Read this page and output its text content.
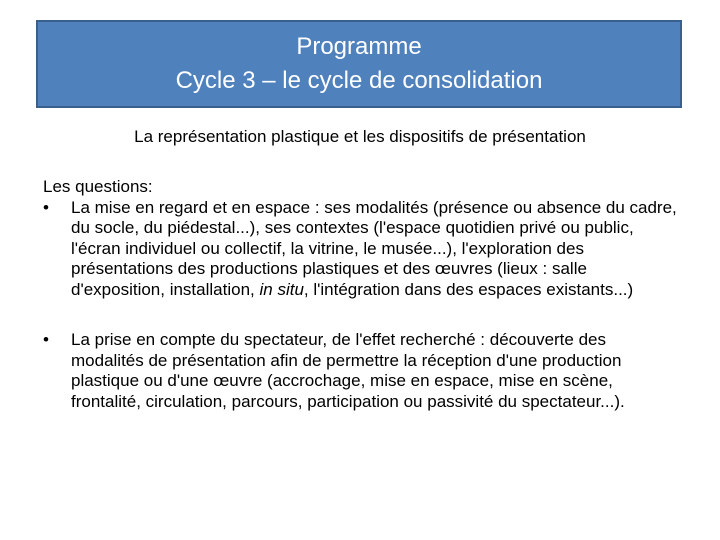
Programme
Cycle 3 – le cycle de consolidation
La représentation plastique et les dispositifs de présentation

Les questions:

•	La mise en regard et en espace : ses modalités (présence ou absence du cadre, du socle, du piédestal...), ses contextes (l'espace quotidien privé ou public, l'écran individuel ou collectif, la vitrine, le musée...), l'exploration des présentations des productions plastiques et des œuvres (lieux : salle d'exposition, installation, in situ, l'intégration dans des espaces existants...)

•	La prise en compte du spectateur, de l'effet recherché : découverte des modalités de présentation afin de permettre la réception d'une production plastique ou d'une œuvre (accrochage, mise en espace, mise en scène, frontalité, circulation, parcours, participation ou passivité du spectateur...).
